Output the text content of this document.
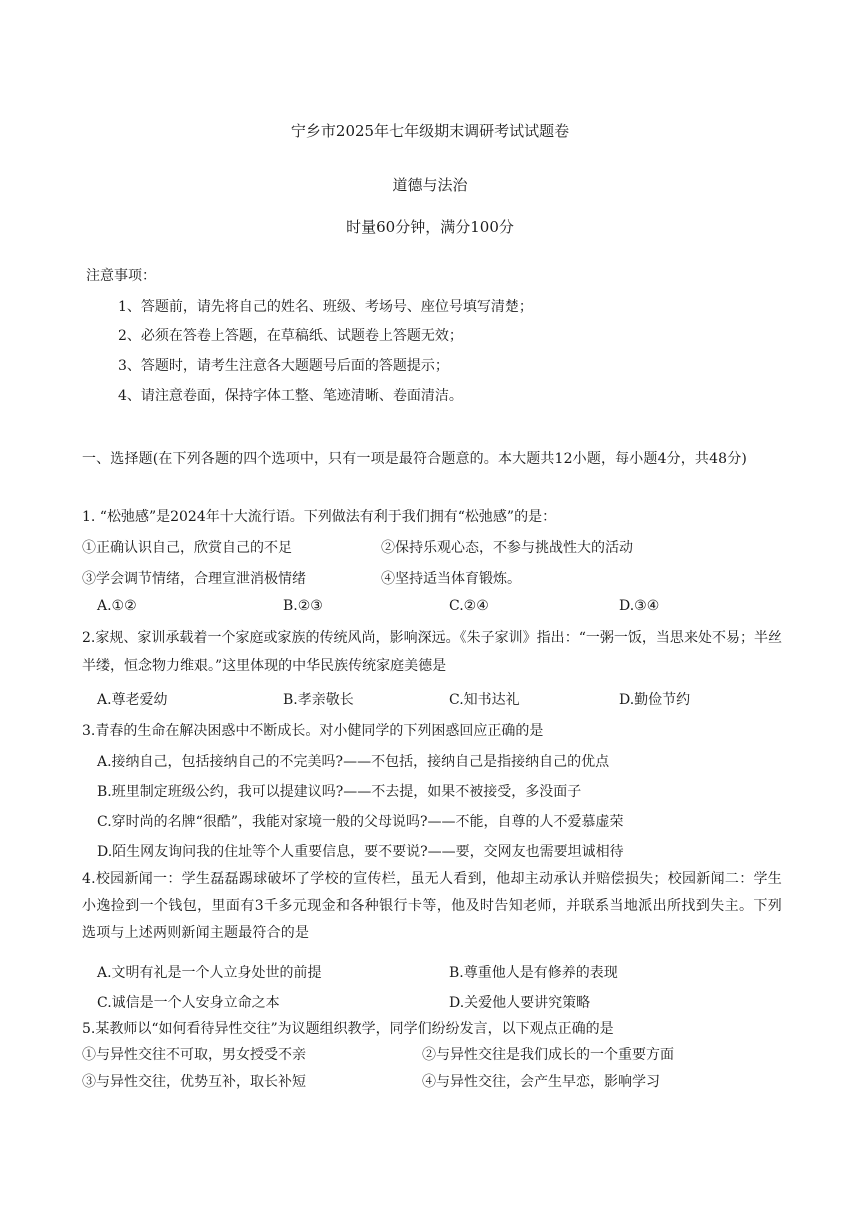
宁乡市2025年七年级期末调研考试试题卷
道德与法治
时量60分钟，满分100分
注意事项：
1、答题前，请先将自己的姓名、班级、考场号、座位号填写清楚；
2、必须在答卷上答题，在草稿纸、试题卷上答题无效；
3、答题时，请考生注意各大题题号后面的答题提示；
4、请注意卷面，保持字体工整、笔迹清晰、卷面清洁。
一、选择题(在下列各题的四个选项中，只有一项是最符合题意的。本大题共12小题，每小题4分，共48分)
1. “松弛感”是2024年十大流行语。下列做法有利于我们拥有“松弛感”的是：
①正确认识自己，欣赏自己的不足	②保持乐观心态，不参与挑战性大的活动
③学会调节情绪，合理宣泄消极情绪	④坚持适当体育锻炼。
A.①②	B.②③	C.②④	D.③④
2.家规、家训承载着一个家庭或家族的传统风尚，影响深远。《朱子家训》指出：“一粥一饭，当思来处不易；半丝半缕，恒念物力维艰。”这里体现的中华民族传统家庭美德是
A.尊老爱幼	B.孝亲敬长	C.知书达礼	D.勤俭节约
3.青春的生命在解决困惑中不断成长。对小健同学的下列困惑回应正确的是
A.接纳自己，包括接纳自己的不完美吗?——不包括，接纳自己是指接纳自己的优点
B.班里制定班级公约，我可以提建议吗?——不去提，如果不被接受，多没面子
C.穿时尚的名牌“很酷”，我能对家境一般的父母说吗?——不能，自尊的人不爱慕虚荣
D.陌生网友询问我的住址等个人重要信息，要不要说?——要，交网友也需要坦诚相待
4.校园新闻一：学生磊磊踢球破坏了学校的宣传栏，虽无人看到，他却主动承认并赔偿损失；校园新闻二：学生小逸捡到一个钱包，里面有3千多元现金和各种银行卡等，他及时告知老师，并联系当地派出所找到失主。下列选项与上述两则新闻主题最符合的是
A.文明有礼是一个人立身处世的前提	B.尊重他人是有修养的表现
C.诚信是一个人安身立命之本	D.关爱他人要讲究策略
5.某教师以“如何看待异性交往”为议题组织教学，同学们纷纷发言，以下观点正确的是
①与异性交往不可取，男女授受不亲	②与异性交往是我们成长的一个重要方面
③与异性交往，优势互补，取长补短	④与异性交往，会产生早恋，影响学习
